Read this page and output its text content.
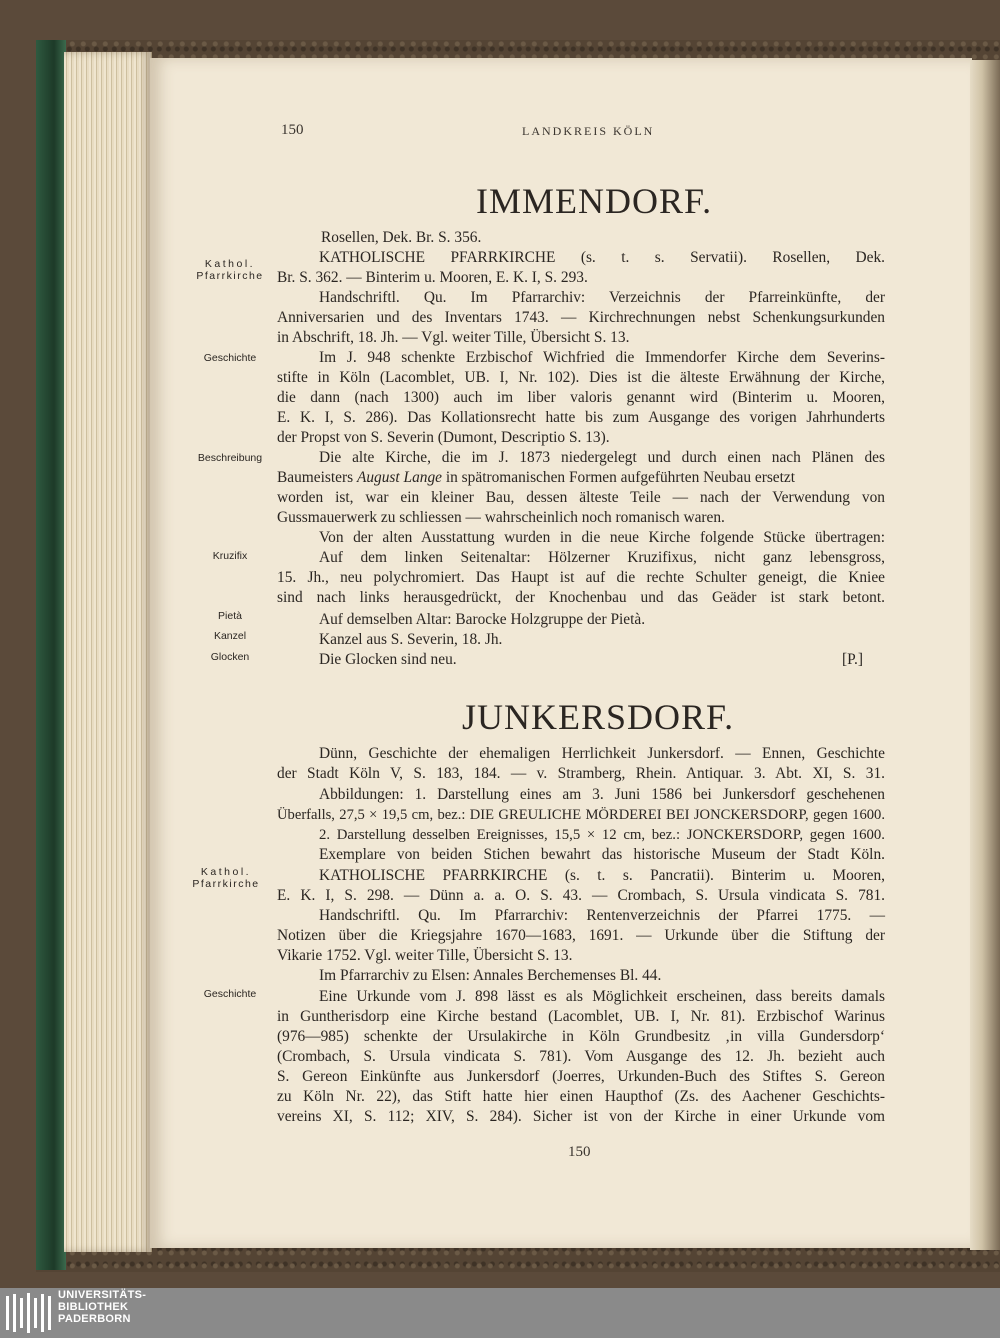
150	LANDKREIS KÖLN
IMMENDORF.
Kathol.
Pfarrkirche
Geschichte
Beschreibung
Kruzifix
Pietà
Kanzel
Glocken
Kathol.
Pfarrkirche
Geschichte
Rosellen, Dek. Br. S. 356.
KATHOLISCHE PFARRKIRCHE (s. t. s. Servatii). Rosellen, Dek.
Br. S. 362. — Binterim u. Mooren, E. K. I, S. 293.
Handschriftl. Qu. Im Pfarrarchiv: Verzeichnis der Pfarreinkünfte, der
Anniversarien und des Inventars 1743. — Kirchrechnungen nebst Schenkungsurkunden
in Abschrift, 18. Jh. — Vgl. weiter Tille, Übersicht S. 13.
Im J. 948 schenkte Erzbischof Wichfried die Immendorfer Kirche dem Severins-
stifte in Köln (Lacomblet, UB. I, Nr. 102). Dies ist die älteste Erwähnung der Kirche,
die dann (nach 1300) auch im liber valoris genannt wird (Binterim u. Mooren,
E. K. I, S. 286). Das Kollationsrecht hatte bis zum Ausgange des vorigen Jahrhunderts
der Propst von S. Severin (Dumont, Descriptio S. 13).
Die alte Kirche, die im J. 1873 niedergelegt und durch einen nach Plänen des
Baumeisters August Lange in spätromanischen Formen aufgeführten Neubau ersetzt
worden ist, war ein kleiner Bau, dessen älteste Teile — nach der Verwendung von
Gussmauerwerk zu schliessen — wahrscheinlich noch romanisch waren.
Von der alten Ausstattung wurden in die neue Kirche folgende Stücke übertragen:
Auf dem linken Seitenaltar: Hölzerner Kruzifixus, nicht ganz lebensgross,
15. Jh., neu polychromiert. Das Haupt ist auf die rechte Schulter geneigt, die Kniee
sind nach links herausgedrückt, der Knochenbau und das Geäder ist stark betont.
Auf demselben Altar: Barocke Holzgruppe der Pietà.
Kanzel aus S. Severin, 18. Jh.
Die Glocken sind neu.	[P.]
JUNKERSDORF.
Dünn, Geschichte der ehemaligen Herrlichkeit Junkersdorf. — Ennen, Geschichte
der Stadt Köln V, S. 183, 184. — v. Stramberg, Rhein. Antiquar. 3. Abt. XI, S. 31.
Abbildungen: 1. Darstellung eines am 3. Juni 1586 bei Junkersdorf geschehenen
Überfalls, 27,5 × 19,5 cm, bez.: DIE GREULICHE MÖRDEREI BEI JONCKERSDORP, gegen 1600.
2. Darstellung desselben Ereignisses, 15,5 × 12 cm, bez.: JONCKERSDORP, gegen 1600.
Exemplare von beiden Stichen bewahrt das historische Museum der Stadt Köln.
KATHOLISCHE PFARRKIRCHE (s. t. s. Pancratii). Binterim u. Mooren,
E. K. I, S. 298. — Dünn a. a. O. S. 43. — Crombach, S. Ursula vindicata S. 781.
Handschriftl. Qu. Im Pfarrarchiv: Rentenverzeichnis der Pfarrei 1775. —
Notizen über die Kriegsjahre 1670—1683, 1691. — Urkunde über die Stiftung der
Vikarie 1752. Vgl. weiter Tille, Übersicht S. 13.
Im Pfarrarchiv zu Elsen: Annales Berchemenses Bl. 44.
Eine Urkunde vom J. 898 lässt es als Möglichkeit erscheinen, dass bereits damals
in Guntherisdorp eine Kirche bestand (Lacomblet, UB. I, Nr. 81). Erzbischof Warinus
(976—985) schenkte der Ursulakirche in Köln Grundbesitz ‚in villa Gundersdorp‘
(Crombach, S. Ursula vindicata S. 781). Vom Ausgange des 12. Jh. bezieht auch
S. Gereon Einkünfte aus Junkersdorf (Joerres, Urkunden-Buch des Stiftes S. Gereon
zu Köln Nr. 22), das Stift hatte hier einen Haupthof (Zs. des Aachener Geschichts-
vereins XI, S. 112; XIV, S. 284). Sicher ist von der Kirche in einer Urkunde vom
150
UNIVERSITÄTS-
BIBLIOTHEK
PADERBORN
